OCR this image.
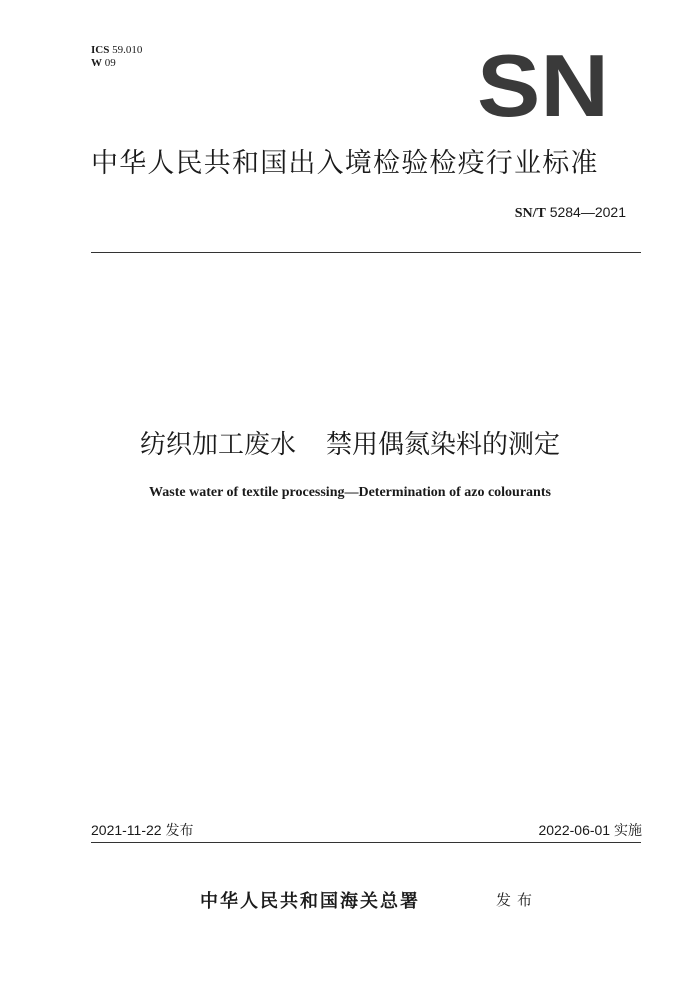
ICS 59.010
W 09	SN
中华人民共和国出入境检验检疫行业标准
SN/T 5284—2021
纺织加工废水 禁用偶氮染料的测定
Waste water of textile processing—Determination of azo colourants
2021-11-22 发布	2022-06-01 实施
中华人民共和国海关总署	发布
